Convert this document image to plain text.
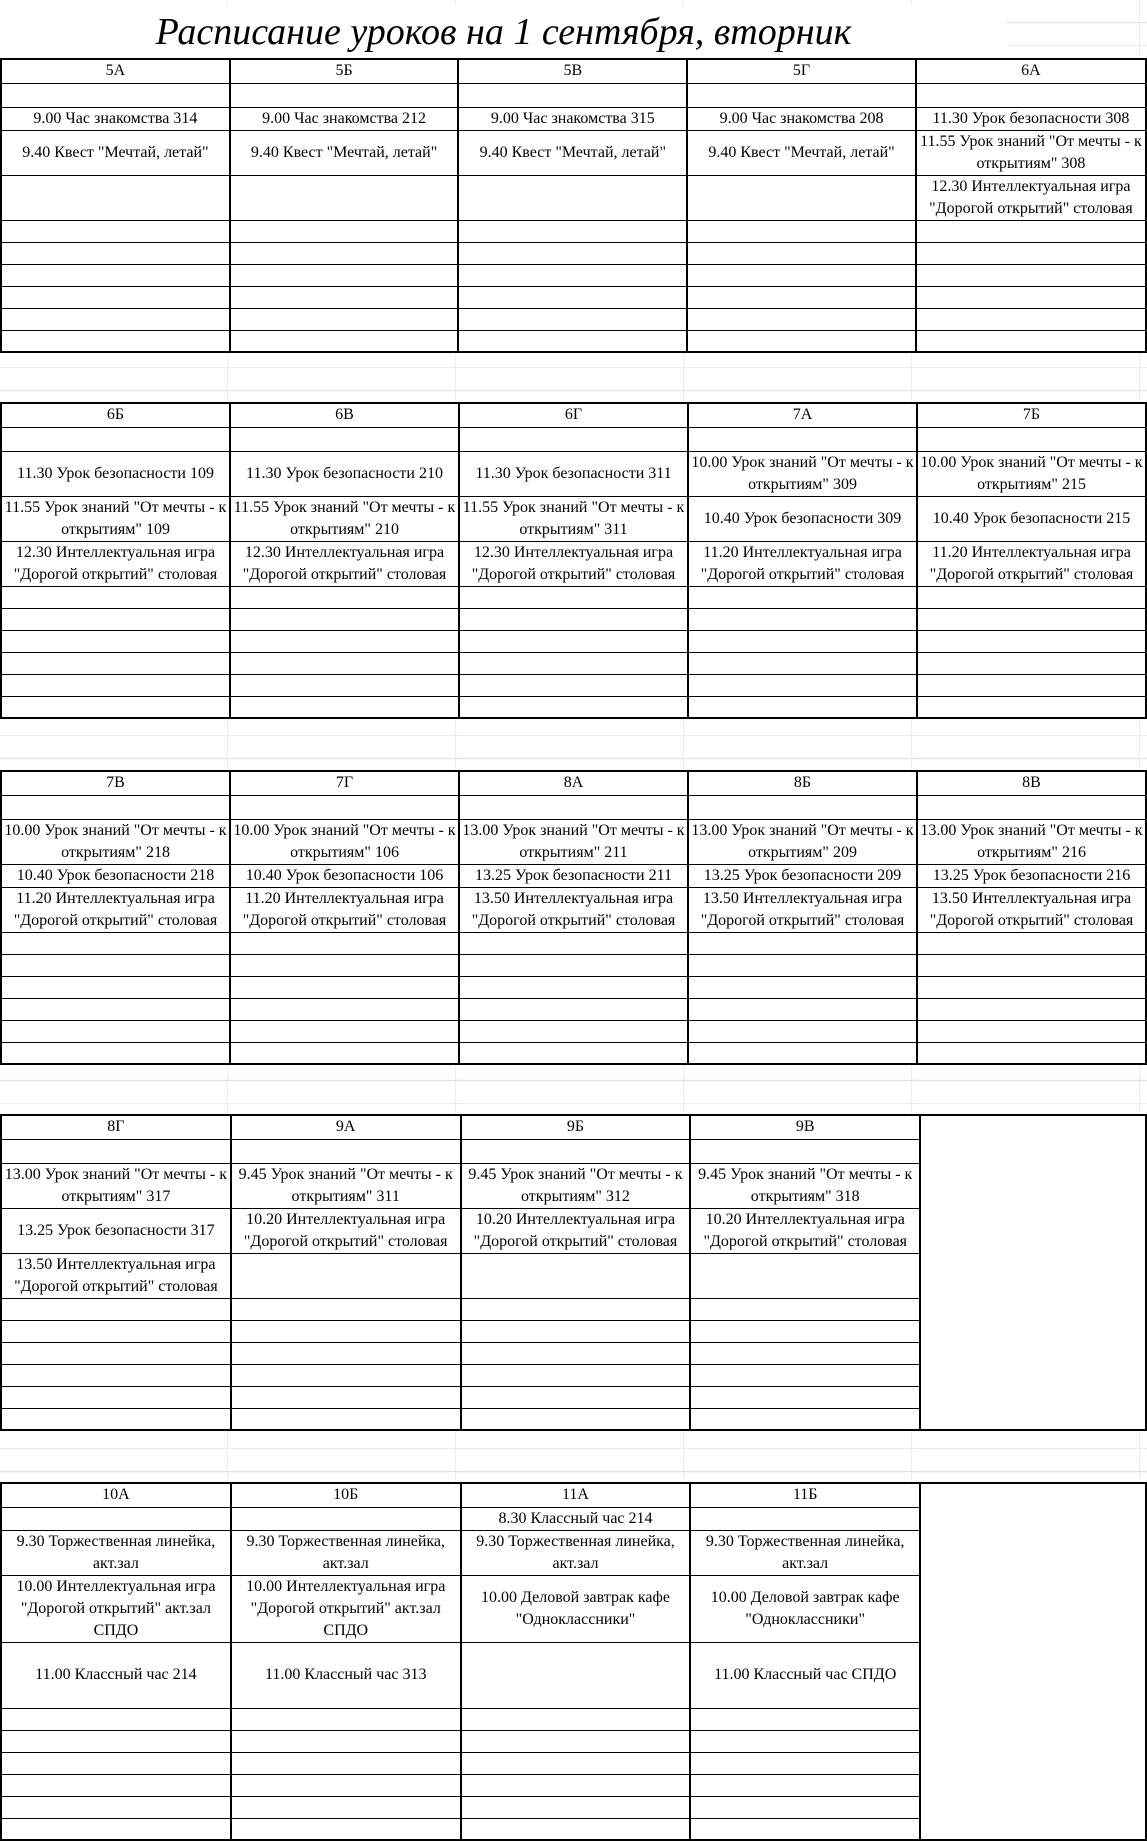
Расписание уроков на 1 сентября, вторник
5А	5Б	5В	5Г	6А

9.00 Час знакомства 314	9.00 Час знакомства 212	9.00 Час знакомства 315	9.00 Час знакомства 208	11.30 Урок безопасности 308
9.40 Квест "Мечтай, летай"	9.40 Квест "Мечтай, летай"	9.40 Квест "Мечтай, летай"	9.40 Квест "Мечтай, летай"	11.55 Урок знаний "От мечты - к открытиям" 308
				12.30 Интеллектуальная игра "Дорогой открытий" столовая

6Б	6В	6Г	7А	7Б

11.30 Урок безопасности 109	11.30 Урок безопасности 210	11.30 Урок безопасности 311	10.00 Урок знаний "От мечты - к открытиям" 309	10.00 Урок знаний "От мечты - к открытиям" 215
11.55 Урок знаний "От мечты - к открытиям" 109	11.55 Урок знаний "От мечты - к открытиям" 210	11.55 Урок знаний "От мечты - к открытиям" 311	10.40 Урок безопасности 309	10.40 Урок безопасности 215
12.30 Интеллектуальная игра "Дорогой открытий" столовая	12.30 Интеллектуальная игра "Дорогой открытий" столовая	12.30 Интеллектуальная игра "Дорогой открытий" столовая	11.20 Интеллектуальная игра "Дорогой открытий" столовая	11.20 Интеллектуальная игра "Дорогой открытий" столовая

7В	7Г	8А	8Б	8В

10.00 Урок знаний "От мечты - к открытиям" 218	10.00 Урок знаний "От мечты - к открытиям" 106	13.00 Урок знаний "От мечты - к открытиям" 211	13.00 Урок знаний "От мечты - к открытиям" 209	13.00 Урок знаний "От мечты - к открытиям" 216
10.40 Урок безопасности 218	10.40 Урок безопасности 106	13.25 Урок безопасности 211	13.25 Урок безопасности 209	13.25 Урок безопасности 216
11.20 Интеллектуальная игра "Дорогой открытий" столовая	11.20 Интеллектуальная игра "Дорогой открытий" столовая	13.50 Интеллектуальная игра "Дорогой открытий" столовая	13.50 Интеллектуальная игра "Дорогой открытий" столовая	13.50 Интеллектуальная игра "Дорогой открытий" столовая

8Г	9А	9Б	9В	

13.00 Урок знаний "От мечты - к открытиям" 317	9.45 Урок знаний "От мечты - к открытиям" 311	9.45 Урок знаний "От мечты - к открытиям" 312	9.45 Урок знаний "От мечты - к открытиям" 318	
13.25 Урок безопасности 317	10.20 Интеллектуальная игра "Дорогой открытий" столовая	10.20 Интеллектуальная игра "Дорогой открытий" столовая	10.20 Интеллектуальная игра "Дорогой открытий" столовая	
13.50 Интеллектуальная игра "Дорогой открытий" столовая				

10А	10Б	11А	11Б	
		8.30 Классный час 214		
9.30 Торжественная линейка, акт.зал	9.30 Торжественная линейка, акт.зал	9.30 Торжественная линейка, акт.зал	9.30 Торжественная линейка, акт.зал	
10.00 Интеллектуальная игра "Дорогой открытий" акт.зал СПДО	10.00 Интеллектуальная игра "Дорогой открытий" акт.зал СПДО	10.00 Деловой завтрак кафе "Одноклассники"	10.00 Деловой завтрак кафе "Одноклассники"	
11.00 Классный час 214	11.00 Классный час 313		11.00 Классный час СПДО	
